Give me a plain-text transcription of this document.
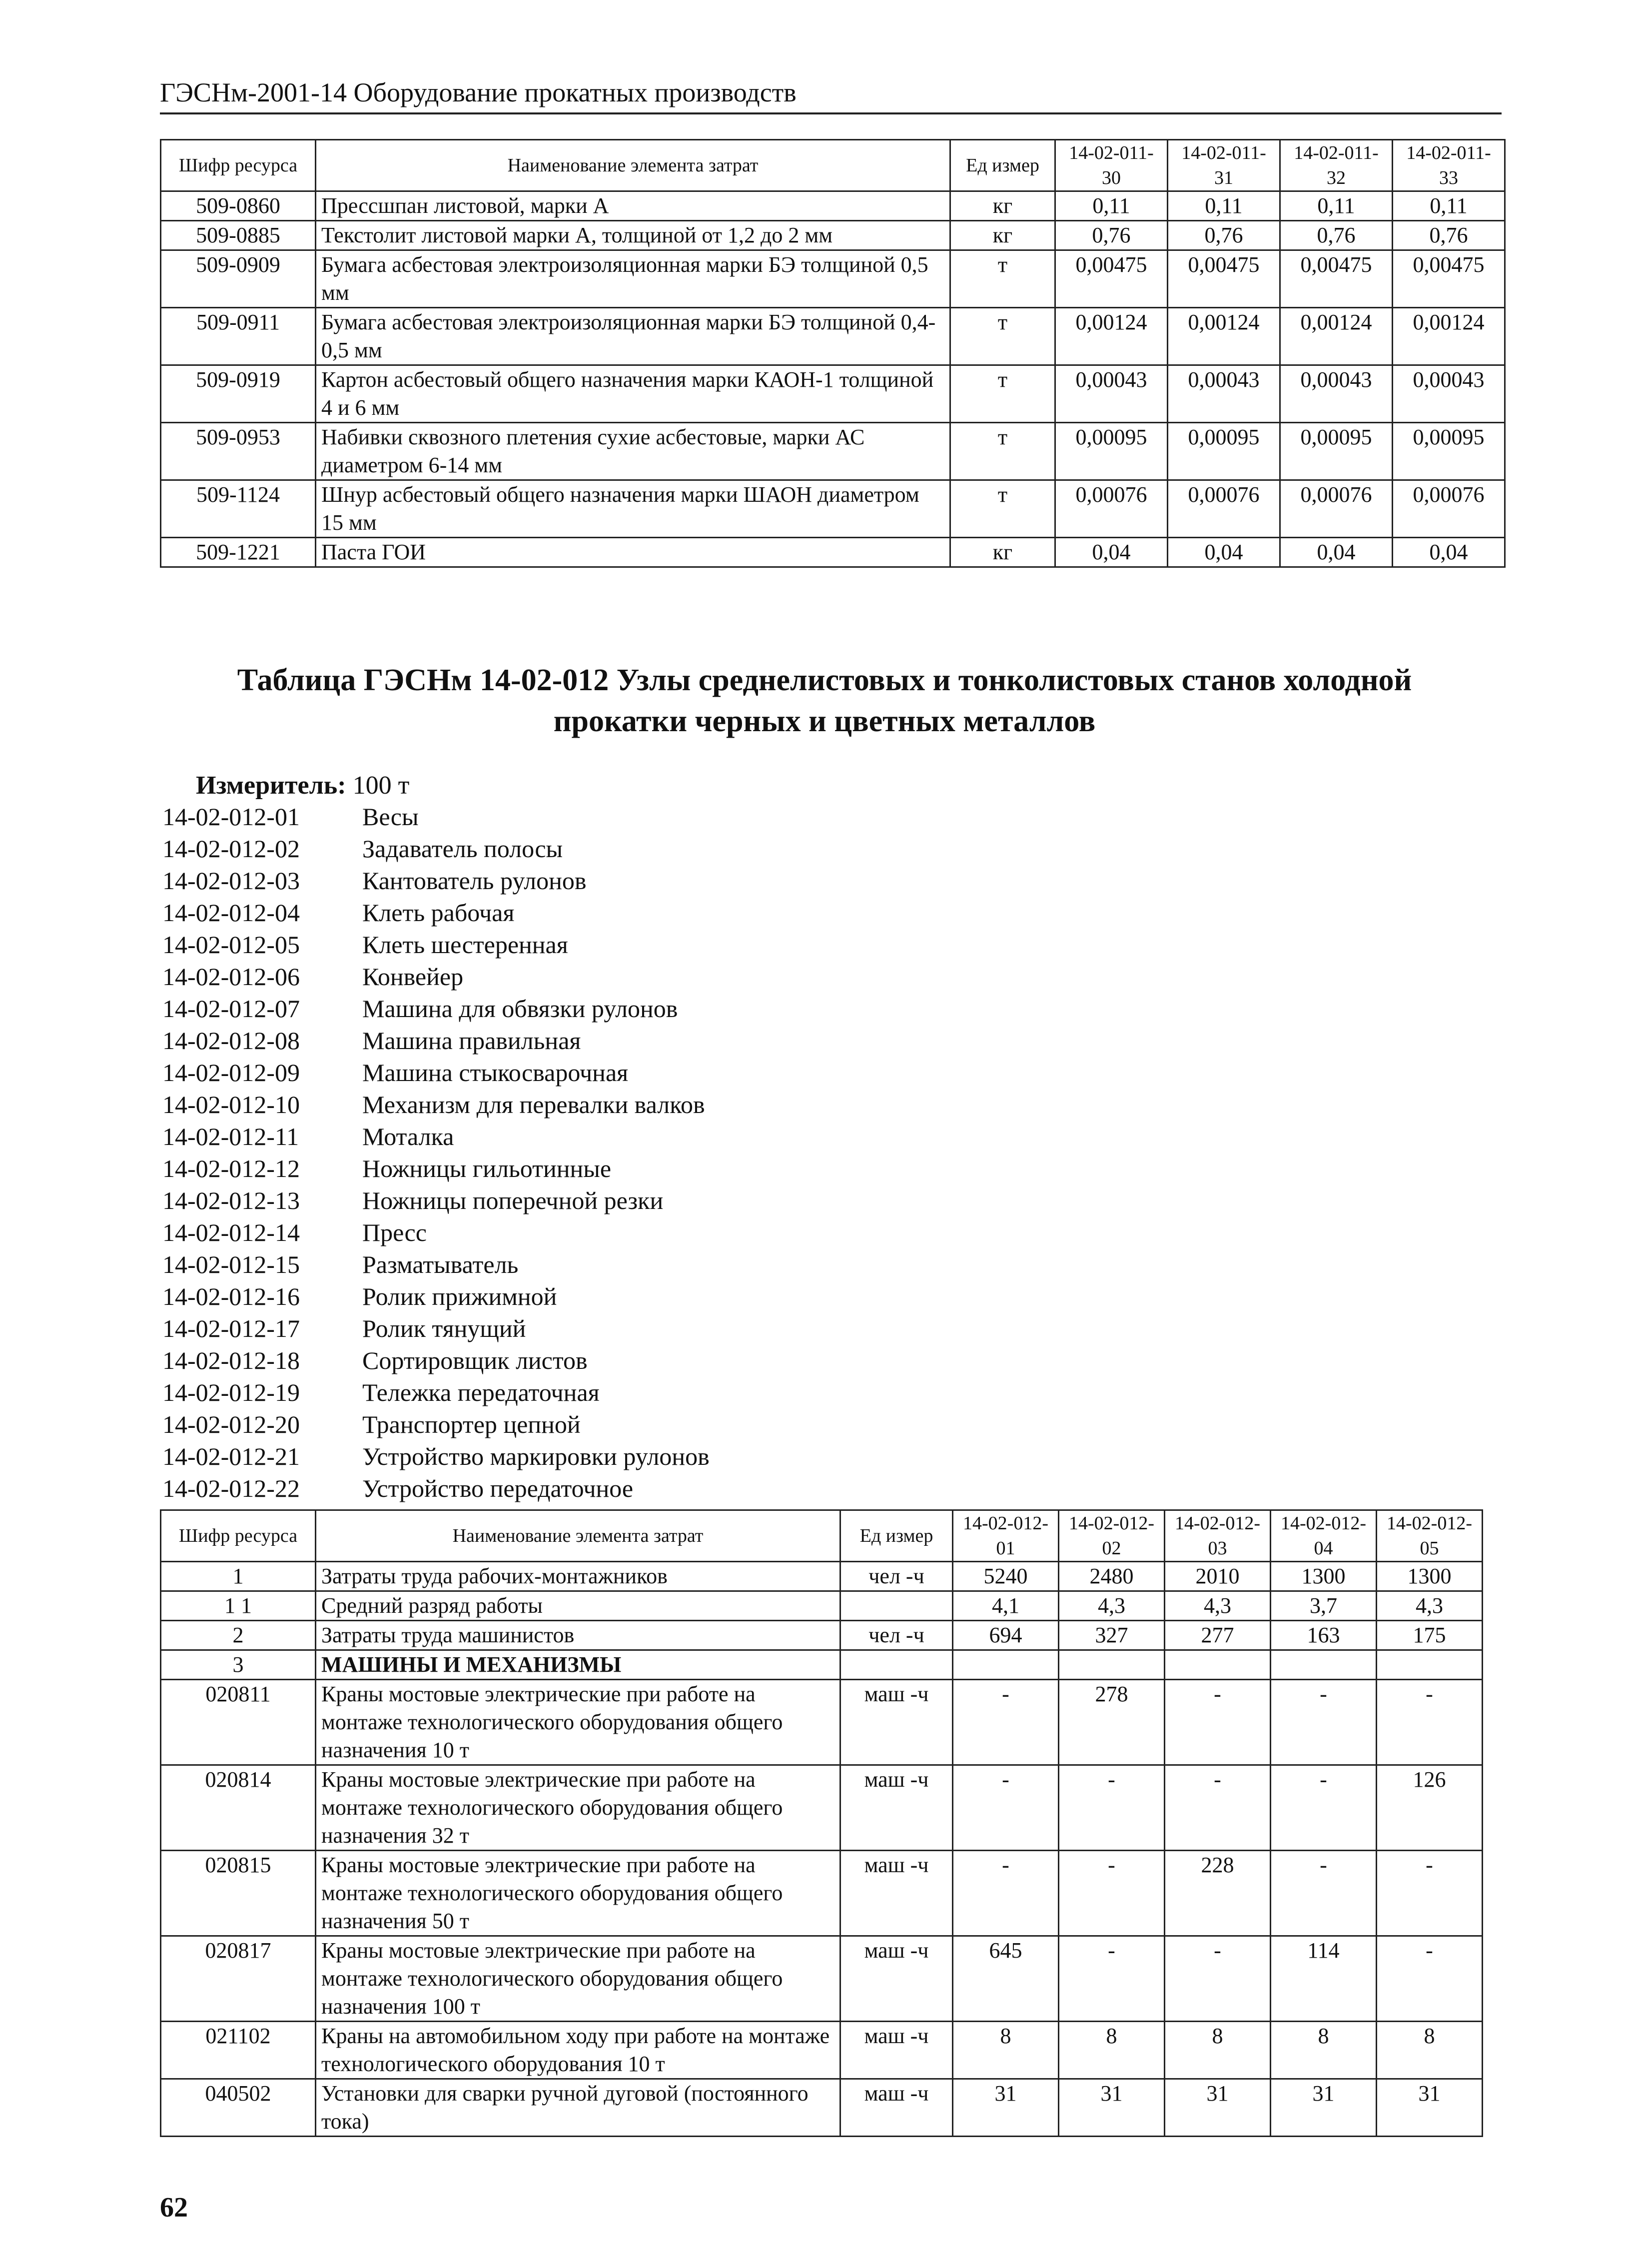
ГЭСНм-2001-14 Оборудование прокатных производств
Шифр ресурса	Наименование элемента затрат	Ед измер	14-02-011-30	14-02-011-31	14-02-011-32	14-02-011-33
509-0860	Прессшпан листовой, марки А	кг	0,11	0,11	0,11	0,11
509-0885	Текстолит листовой марки А, толщиной от 1,2 до 2 мм	кг	0,76	0,76	0,76	0,76
509-0909	Бумага асбестовая электроизоляционная марки БЭ толщиной 0,5 мм	т	0,00475	0,00475	0,00475	0,00475
509-0911	Бумага асбестовая электроизоляционная марки БЭ толщиной 0,4-0,5 мм	т	0,00124	0,00124	0,00124	0,00124
509-0919	Картон асбестовый общего назначения марки КАОН-1 толщиной 4 и 6 мм	т	0,00043	0,00043	0,00043	0,00043
509-0953	Набивки сквозного плетения сухие асбестовые, марки АС диаметром 6-14 мм	т	0,00095	0,00095	0,00095	0,00095
509-1124	Шнур асбестовый общего назначения марки ШАОН диаметром 15 мм	т	0,00076	0,00076	0,00076	0,00076
509-1221	Паста ГОИ	кг	0,04	0,04	0,04	0,04
Таблица ГЭСНм 14-02-012 Узлы среднелистовых и тонколистовых станов холодной
прокатки черных и цветных металлов
Измеритель: 100 т
14-02-012-01	Весы
14-02-012-02	Задаватель полосы
14-02-012-03	Кантователь рулонов
14-02-012-04	Клеть рабочая
14-02-012-05	Клеть шестеренная
14-02-012-06	Конвейер
14-02-012-07	Машина для обвязки рулонов
14-02-012-08	Машина правильная
14-02-012-09	Машина стыкосварочная
14-02-012-10	Механизм для перевалки валков
14-02-012-11	Моталка
14-02-012-12	Ножницы гильотинные
14-02-012-13	Ножницы поперечной резки
14-02-012-14	Пресс
14-02-012-15	Разматыватель
14-02-012-16	Ролик прижимной
14-02-012-17	Ролик тянущий
14-02-012-18	Сортировщик листов
14-02-012-19	Тележка передаточная
14-02-012-20	Транспортер цепной
14-02-012-21	Устройство маркировки рулонов
14-02-012-22	Устройство передаточное
Шифр ресурса	Наименование элемента затрат	Ед измер	14-02-012-01	14-02-012-02	14-02-012-03	14-02-012-04	14-02-012-05
1	Затраты труда рабочих-монтажников	чел -ч	5240	2480	2010	1300	1300
1 1	Средний разряд работы		4,1	4,3	4,3	3,7	4,3
2	Затраты труда машинистов	чел -ч	694	327	277	163	175
3	МАШИНЫ И МЕХАНИЗМЫ						
020811	Краны мостовые электрические при работе на монтаже технологического оборудования общего назначения 10 т	маш -ч	-	278	-	-	-
020814	Краны мостовые электрические при работе на монтаже технологического оборудования общего назначения 32 т	маш -ч	-	-	-	-	126
020815	Краны мостовые электрические при работе на монтаже технологического оборудования общего назначения 50 т	маш -ч	-	-	228	-	-
020817	Краны мостовые электрические при работе на монтаже технологического оборудования общего назначения 100 т	маш -ч	645	-	-	114	-
021102	Краны на автомобильном ходу при работе на монтаже технологического оборудования 10 т	маш -ч	8	8	8	8	8
040502	Установки для сварки ручной дуговой (постоянного тока)	маш -ч	31	31	31	31	31
62
